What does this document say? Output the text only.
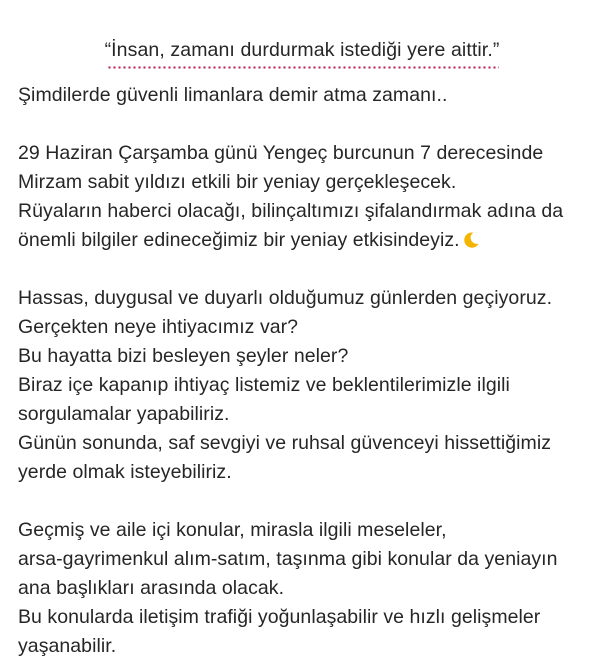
“İnsan, zamanı durdurmak istediği yere aittir.”
Şimdilerde güvenli limanlara demir atma zamanı..
29 Haziran Çarşamba günü Yengeç burcunun 7 derecesinde
Mirzam sabit yıldızı etkili bir yeniay gerçekleşecek.
Rüyaların haberci olacağı, bilinçaltımızı şifalandırmak adına da
önemli bilgiler edineceğimiz bir yeniay etkisindeyiz.
Hassas, duygusal ve duyarlı olduğumuz günlerden geçiyoruz.
Gerçekten neye ihtiyacımız var?
Bu hayatta bizi besleyen şeyler neler?
Biraz içe kapanıp ihtiyaç listemiz ve beklentilerimizle ilgili
sorgulamalar yapabiliriz.
Günün sonunda, saf sevgiyi ve ruhsal güvenceyi hissettiğimiz
yerde olmak isteyebiliriz.
Geçmiş ve aile içi konular, mirasla ilgili meseleler,
arsa-gayrimenkul alım-satım, taşınma gibi konular da yeniayın
ana başlıkları arasında olacak.
Bu konularda iletişim trafiği yoğunlaşabilir ve hızlı gelişmeler
yaşanabilir.
